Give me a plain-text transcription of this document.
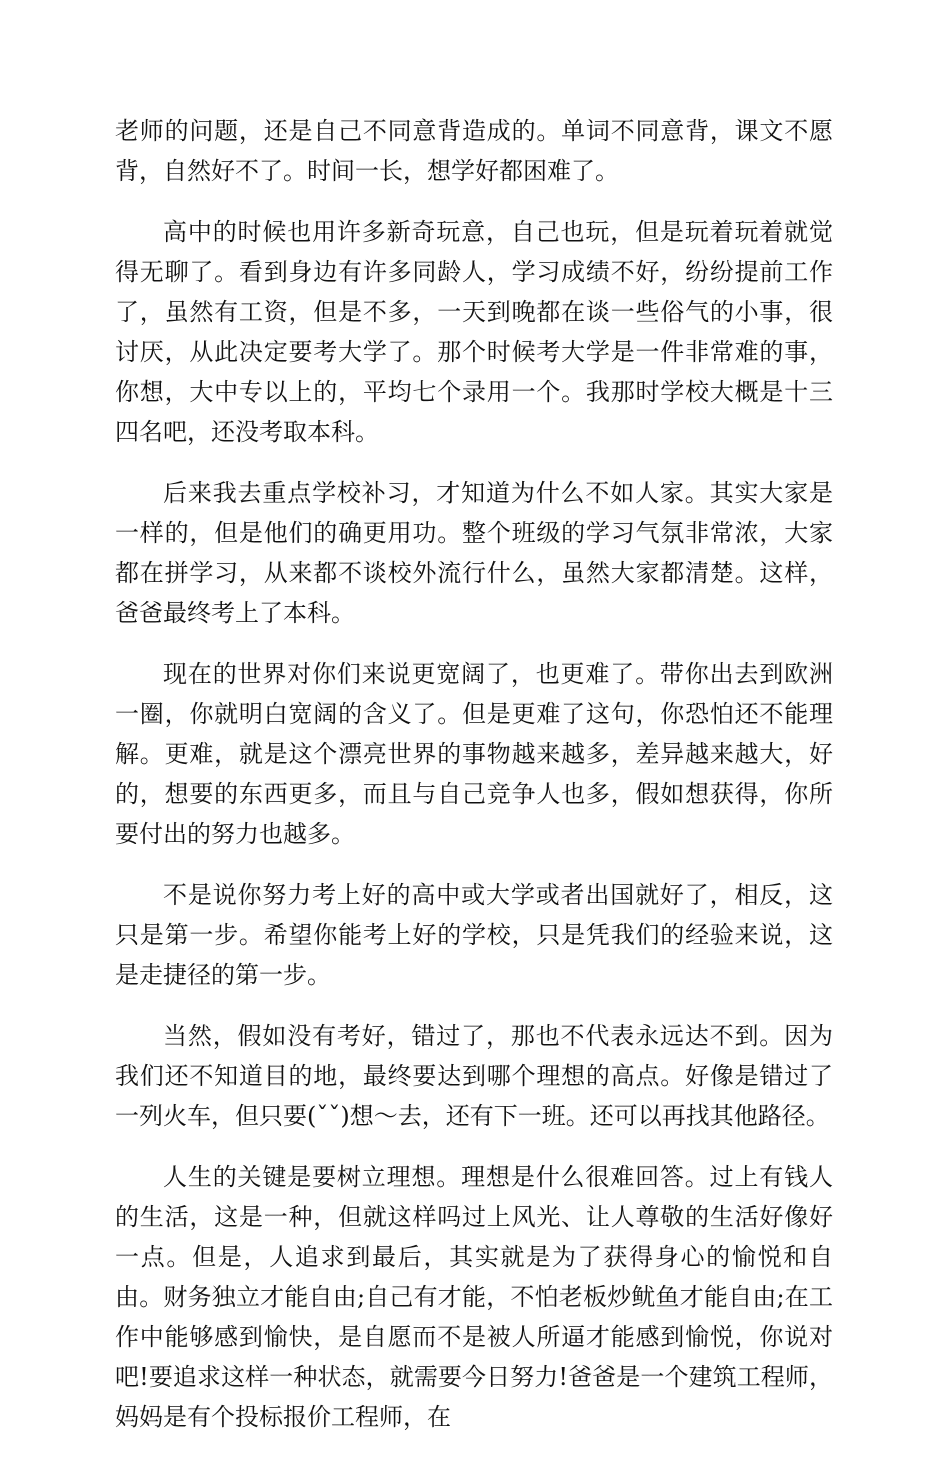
老师的问题，还是自己不同意背造成的。单词不同意背，课文不愿背，自然好不了。时间一长，想学好都困难了。

高中的时候也用许多新奇玩意，自己也玩，但是玩着玩着就觉得无聊了。看到身边有许多同龄人，学习成绩不好，纷纷提前工作了，虽然有工资，但是不多，一天到晚都在谈一些俗气的小事，很讨厌，从此决定要考大学了。那个时候考大学是一件非常难的事，你想，大中专以上的，平均七个录用一个。我那时学校大概是十三四名吧，还没考取本科。

后来我去重点学校补习，才知道为什么不如人家。其实大家是一样的，但是他们的确更用功。整个班级的学习气氛非常浓，大家都在拼学习，从来都不谈校外流行什么，虽然大家都清楚。这样，爸爸最终考上了本科。

现在的世界对你们来说更宽阔了，也更难了。带你出去到欧洲一圈，你就明白宽阔的含义了。但是更难了这句，你恐怕还不能理解。更难，就是这个漂亮世界的事物越来越多，差异越来越大，好的，想要的东西更多，而且与自己竞争人也多，假如想获得，你所要付出的努力也越多。

不是说你努力考上好的高中或大学或者出国就好了，相反，这只是第一步。希望你能考上好的学校，只是凭我们的经验来说，这是走捷径的第一步。

当然，假如没有考好，错过了，那也不代表永远达不到。因为我们还不知道目的地，最终要达到哪个理想的高点。好像是错过了一列火车，但只要(ˇˇ)想～去，还有下一班。还可以再找其他路径。

人生的关键是要树立理想。理想是什么很难回答。过上有钱人的生活，这是一种，但就这样吗过上风光、让人尊敬的生活好像好一点。但是，人追求到最后，其实就是为了获得身心的愉悦和自由。财务独立才能自由;自己有才能，不怕老板炒鱿鱼才能自由;在工作中能够感到愉快，是自愿而不是被人所逼才能感到愉悦，你说对吧!要追求这样一种状态，就需要今日努力!爸爸是一个建筑工程师，妈妈是有个投标报价工程师，在
